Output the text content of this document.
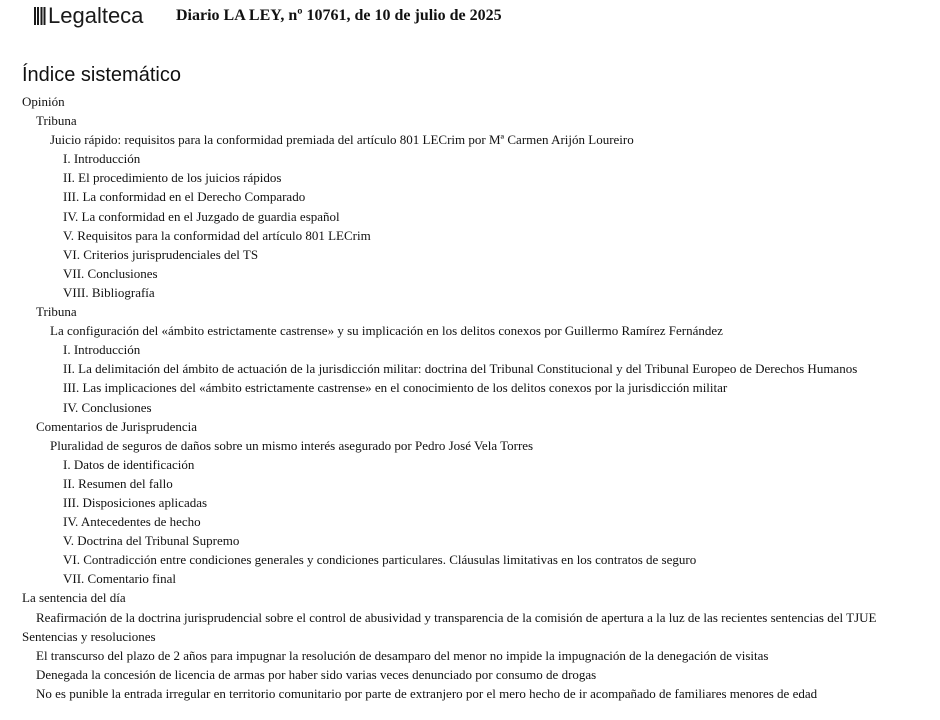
Legalteca Diario LA LEY, nº 10761, de 10 de julio de 2025
Índice sistemático
Opinión
Tribuna
Juicio rápido: requisitos para la conformidad premiada del artículo 801 LECrim por Mª Carmen Arijón Loureiro
I. Introducción
II. El procedimiento de los juicios rápidos
III. La conformidad en el Derecho Comparado
IV. La conformidad en el Juzgado de guardia español
V. Requisitos para la conformidad del artículo 801 LECrim
VI. Criterios jurisprudenciales del TS
VII. Conclusiones
VIII. Bibliografía
Tribuna
La configuración del «ámbito estrictamente castrense» y su implicación en los delitos conexos por Guillermo Ramírez Fernández
I. Introducción
II. La delimitación del ámbito de actuación de la jurisdicción militar: doctrina del Tribunal Constitucional y del Tribunal Europeo de Derechos Humanos
III. Las implicaciones del «ámbito estrictamente castrense» en el conocimiento de los delitos conexos por la jurisdicción militar
IV. Conclusiones
Comentarios de Jurisprudencia
Pluralidad de seguros de daños sobre un mismo interés asegurado por Pedro José Vela Torres
I. Datos de identificación
II. Resumen del fallo
III. Disposiciones aplicadas
IV. Antecedentes de hecho
V. Doctrina del Tribunal Supremo
VI. Contradicción entre condiciones generales y condiciones particulares. Cláusulas limitativas en los contratos de seguro
VII. Comentario final
La sentencia del día
Reafirmación de la doctrina jurisprudencial sobre el control de abusividad y transparencia de la comisión de apertura a la luz de las recientes sentencias del TJUE
Sentencias y resoluciones
El transcurso del plazo de 2 años para impugnar la resolución de desamparo del menor no impide la impugnación de la denegación de visitas
Denegada la concesión de licencia de armas por haber sido varias veces denunciado por consumo de drogas
No es punible la entrada irregular en territorio comunitario por parte de extranjero por el mero hecho de ir acompañado de familiares menores de edad
